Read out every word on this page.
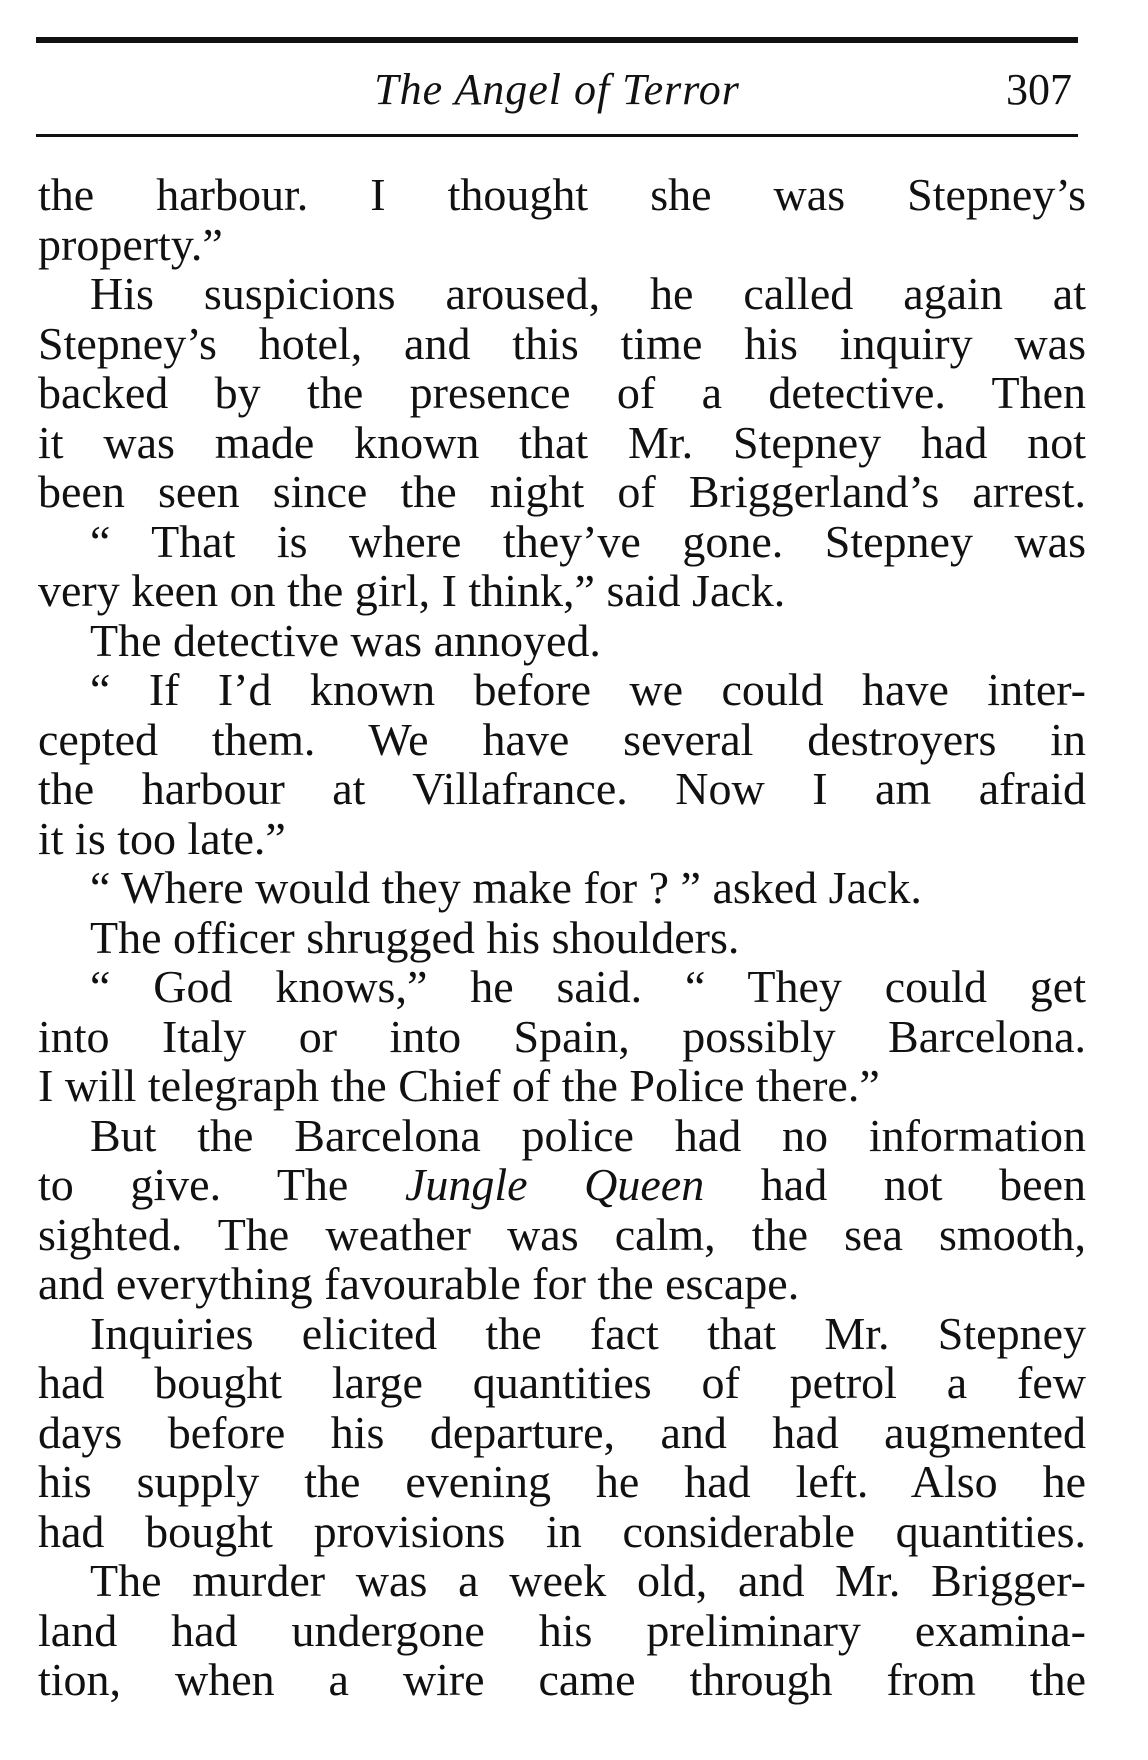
The Angel of Terror	307
the harbour. I thought she was Stepney’s
property.”
His suspicions aroused, he called again at
Stepney’s hotel, and this time his inquiry was
backed by the presence of a detective. Then
it was made known that Mr. Stepney had not
been seen since the night of Briggerland’s arrest.
“ That is where they’ve gone. Stepney was
very keen on the girl, I think,” said Jack.
The detective was annoyed.
“ If I’d known before we could have inter-
cepted them. We have several destroyers in
the harbour at Villafrance. Now I am afraid
it is too late.”
“ Where would they make for ? ” asked Jack.
The officer shrugged his shoulders.
“ God knows,” he said. “ They could get
into Italy or into Spain, possibly Barcelona.
I will telegraph the Chief of the Police there.”
But the Barcelona police had no information
to give. The Jungle Queen had not been
sighted. The weather was calm, the sea smooth,
and everything favourable for the escape.
Inquiries elicited the fact that Mr. Stepney
had bought large quantities of petrol a few
days before his departure, and had augmented
his supply the evening he had left. Also he
had bought provisions in considerable quantities.
The murder was a week old, and Mr. Brigger-
land had undergone his preliminary examina-
tion, when a wire came through from the
